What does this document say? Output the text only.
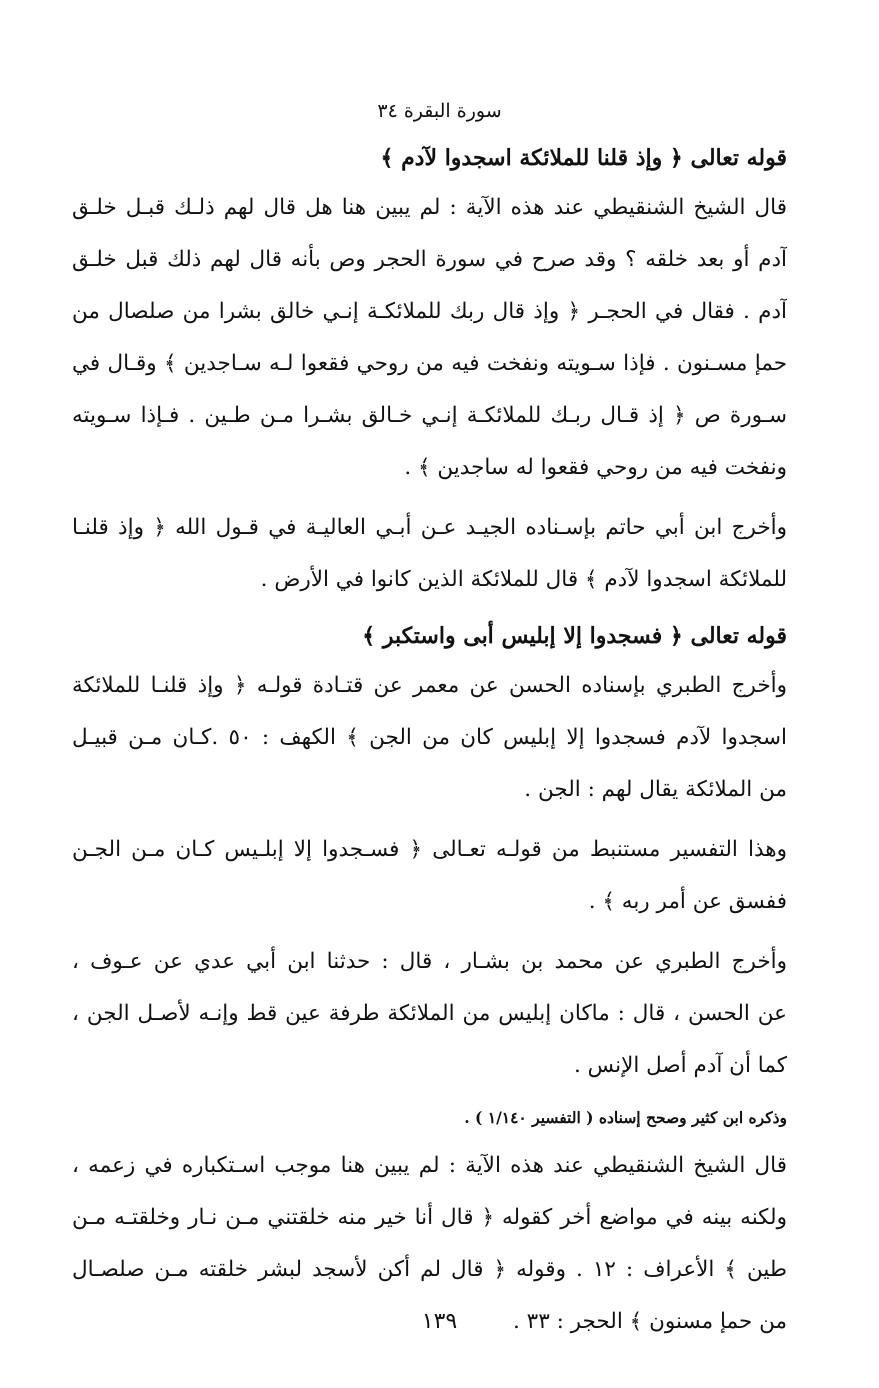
سورة البقرة ٣٤
قوله تعالى ﴿ وإذ قلنا للملائكة اسجدوا لآدم ﴾
قال الشيخ الشنقيطي عند هذه الآية : لم يبين هنا هل قال لهم ذلـك قبـل خلـق
آدم أو بعد خلقه ؟ وقد صرح في سورة الحجر وص بأنه قال لهم ذلك قبل خلـق
آدم . فقال في الحجـر ﴿ وإذ قال ربك للملائكـة إنـي خالق بشرا من صلصال من
حمإ مسـنون . فإذا سـويته ونفخت فيه من روحي فقعوا لـه سـاجدين ﴾ وقـال في
سـورة ص ﴿ إذ قـال ربـك للملائكـة إنـي خـالق بشـرا مـن طـين . فـإذا سـويته
ونفخت فيه من روحي فقعوا له ساجدين ﴾ .
وأخرج ابن أبي حاتم بإسـناده الجيـد عـن أبـي العاليـة في قـول الله ﴿ وإذ قلنـا
للملائكة اسجدوا لآدم ﴾ قال للملائكة الذين كانوا في الأرض .
قوله تعالى ﴿ فسجدوا إلا إبليس أبى واستكبر ﴾
وأخرج الطبري بإسناده الحسن عن معمر عن قتـادة قولـه ﴿ وإذ قلنـا للملائكة
اسجدوا لآدم فسجدوا إلا إبليس كان من الجن ﴾ الكهف : ٥٠ .كـان مـن قبيـل
من الملائكة يقال لهم : الجن .
وهذا التفسير مستنبط من قولـه تعـالى ﴿ فسـجدوا إلا إبلـيس كـان مـن الجـن
ففسق عن أمر ربه ﴾ .
وأخرج الطبري عن محمد بن بشـار ، قال : حدثنا ابن أبي عدي عن عـوف ،
عن الحسن ، قال : ماكان إبليس من الملائكة طرفة عين قط وإنـه لأصـل الجن ،
كما أن آدم أصل الإنس .
وذكره ابن كثير وصحح إسناده ( التفسير ١/١٤٠ ) .
قال الشيخ الشنقيطي عند هذه الآية : لم يبين هنا موجب اسـتكباره في زعمه ،
ولكنه بينه في مواضع أخر كقوله ﴿ قال أنا خير منه خلقتني مـن نـار وخلقتـه مـن
طين ﴾ الأعراف : ١٢ . وقوله ﴿ قال لم أكن لأسجد لبشر خلقته مـن صلصـال
من حمإ مسنون ﴾ الحجر : ٣٣ .
١٣٩
